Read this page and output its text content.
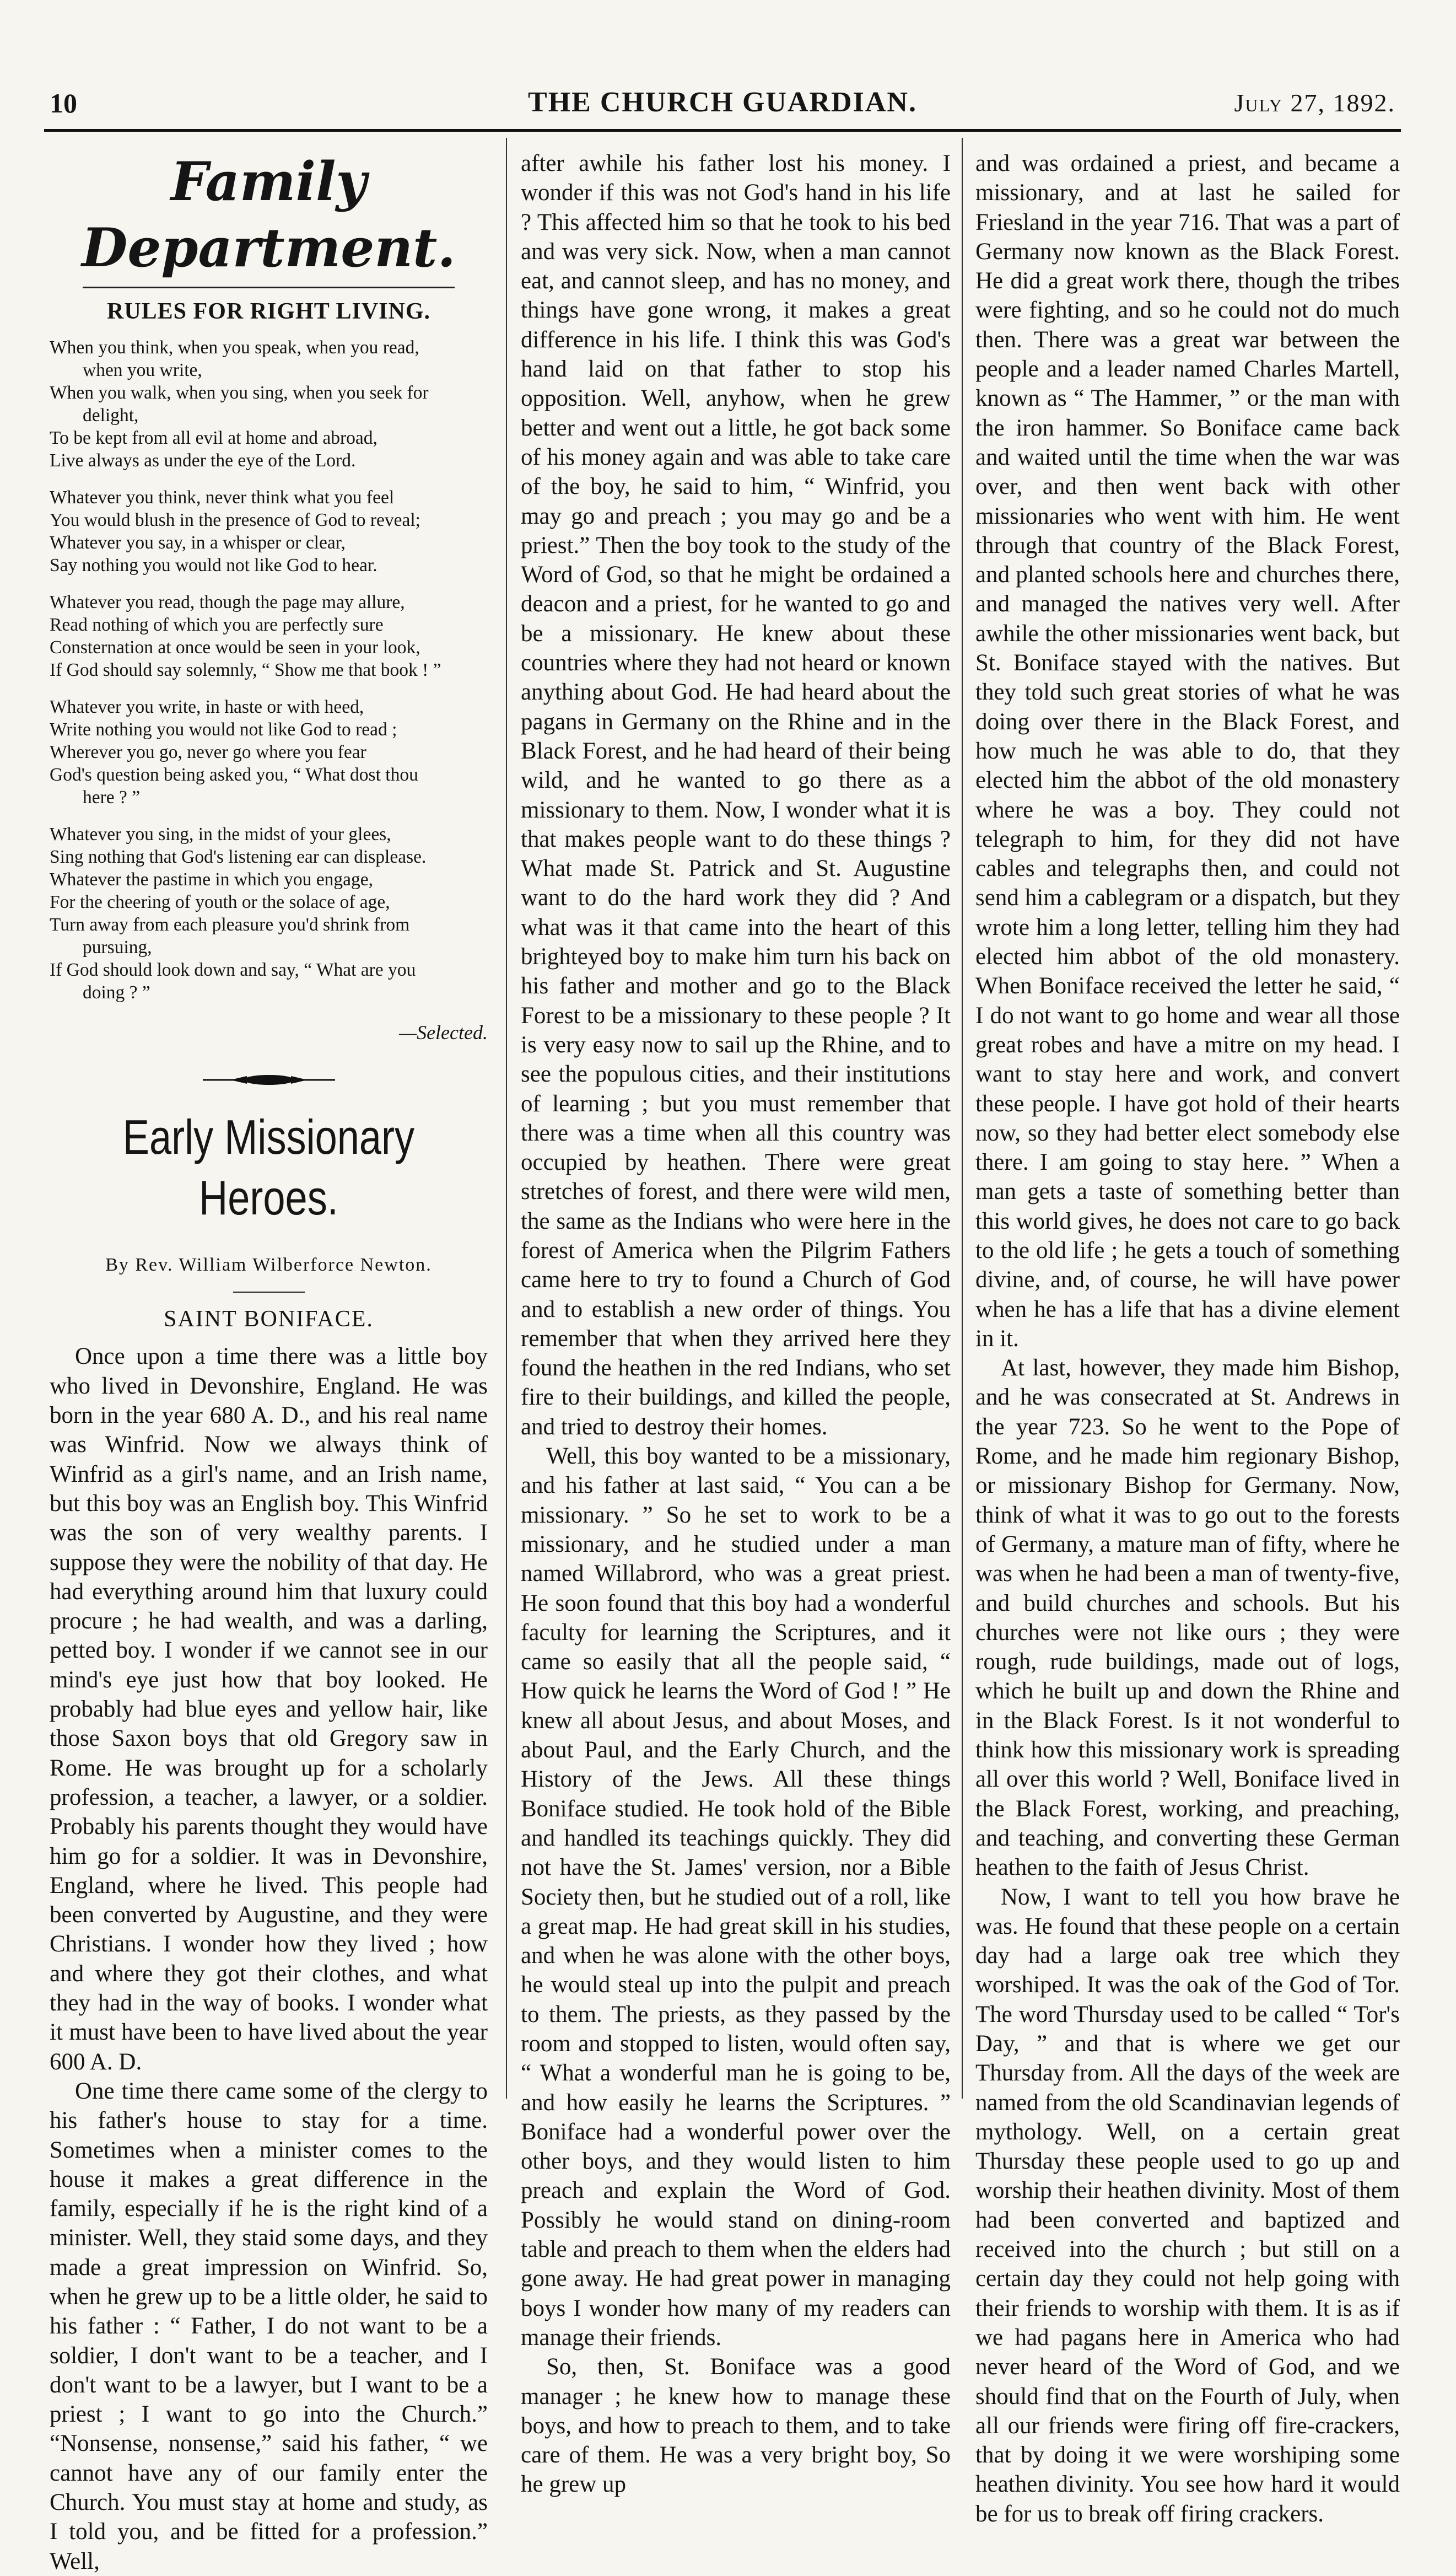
10	THE CHURCH GUARDIAN.	July 27, 1892.
Family Department.
RULES FOR RIGHT LIVING.
When you think, when you speak, when you read,
when you write,
When you walk, when you sing, when you seek for
delight,
To be kept from all evil at home and abroad,
Live always as under the eye of the Lord.
Whatever you think, never think what you feel
You would blush in the presence of God to reveal;
Whatever you say, in a whisper or clear,
Say nothing you would not like God to hear.
Whatever you read, though the page may allure,
Read nothing of which you are perfectly sure
Consternation at once would be seen in your look,
If God should say solemnly, “ Show me that book ! ”
Whatever you write, in haste or with heed,
Write nothing you would not like God to read ;
Wherever you go, never go where you fear
God's question being asked you, “ What dost thou
here ? ”
Whatever you sing, in the midst of your glees,
Sing nothing that God's listening ear can displease.
Whatever the pastime in which you engage,
For the cheering of youth or the solace of age,
Turn away from each pleasure you'd shrink from
pursuing,
If God should look down and say, “ What are you
doing ? ”
—Selected.
Early Missionary Heroes.
By Rev. William Wilberforce Newton.
SAINT BONIFACE.

Once upon a time there was a little boy who lived in Devonshire, England. He was born in the year 680 A. D., and his real name was Winfrid. Now we always think of Winfrid as a girl's name, and an Irish name, but this boy was an English boy. This Winfrid was the son of very wealthy parents. I suppose they were the nobility of that day. He had everything around him that luxury could procure ; he had wealth, and was a darling, petted boy. I wonder if we cannot see in our mind's eye just how that boy looked. He probably had blue eyes and yellow hair, like those Saxon boys that old Gregory saw in Rome. He was brought up for a scholarly profession, a teacher, a lawyer, or a soldier. Probably his parents thought they would have him go for a soldier. It was in Devonshire, England, where he lived. This people had been converted by Augustine, and they were Christians. I wonder how they lived ; how and where they got their clothes, and what they had in the way of books. I wonder what it must have been to have lived about the year 600 A. D.

One time there came some of the clergy to his father's house to stay for a time. Sometimes when a minister comes to the house it makes a great difference in the family, especially if he is the right kind of a minister. Well, they staid some days, and they made a great impression on Winfrid. So, when he grew up to be a little older, he said to his father : “ Father, I do not want to be a soldier, I don't want to be a teacher, and I don't want to be a lawyer, but I want to be a priest ; I want to go into the Church.” “Nonsense, nonsense,” said his father, “ we cannot have any of our family enter the Church. You must stay at home and study, as I told you, and be fitted for a profession.” Well,

after awhile his father lost his money. I wonder if this was not God's hand in his life ? This affected him so that he took to his bed and was very sick. Now, when a man cannot eat, and cannot sleep, and has no money, and things have gone wrong, it makes a great difference in his life. I think this was God's hand laid on that father to stop his opposition. Well, anyhow, when he grew better and went out a little, he got back some of his money again and was able to take care of the boy, he said to him, “ Winfrid, you may go and preach ; you may go and be a priest.” Then the boy took to the study of the Word of God, so that he might be ordained a deacon and a priest, for he wanted to go and be a missionary. He knew about these countries where they had not heard or known anything about God. He had heard about the pagans in Germany on the Rhine and in the Black Forest, and he had heard of their being wild, and he wanted to go there as a missionary to them. Now, I wonder what it is that makes people want to do these things ? What made St. Patrick and St. Augustine want to do the hard work they did ? And what was it that came into the heart of this brighteyed boy to make him turn his back on his father and mother and go to the Black Forest to be a missionary to these people ? It is very easy now to sail up the Rhine, and to see the populous cities, and their institutions of learning ; but you must remember that there was a time when all this country was occupied by heathen. There were great stretches of forest, and there were wild men, the same as the Indians who were here in the forest of America when the Pilgrim Fathers came here to try to found a Church of God and to establish a new order of things. You remember that when they arrived here they found the heathen in the red Indians, who set fire to their buildings, and killed the people, and tried to destroy their homes.

Well, this boy wanted to be a missionary, and his father at last said, “ You can a be missionary. ” So he set to work to be a missionary, and he studied under a man named Willabrord, who was a great priest. He soon found that this boy had a wonderful faculty for learning the Scriptures, and it came so easily that all the people said, “ How quick he learns the Word of God ! ” He knew all about Jesus, and about Moses, and about Paul, and the Early Church, and the History of the Jews. All these things Boniface studied. He took hold of the Bible and handled its teachings quickly. They did not have the St. James' version, nor a Bible Society then, but he studied out of a roll, like a great map. He had great skill in his studies, and when he was alone with the other boys, he would steal up into the pulpit and preach to them. The priests, as they passed by the room and stopped to listen, would often say, “ What a wonderful man he is going to be, and how easily he learns the Scriptures. ” Boniface had a wonderful power over the other boys, and they would listen to him preach and explain the Word of God. Possibly he would stand on dining-room table and preach to them when the elders had gone away. He had great power in managing boys I wonder how many of my readers can manage their friends.

So, then, St. Boniface was a good manager ; he knew how to manage these boys, and how to preach to them, and to take care of them. He was a very bright boy, So he grew up

and was ordained a priest, and became a missionary, and at last he sailed for Friesland in the year 716. That was a part of Germany now known as the Black Forest. He did a great work there, though the tribes were fighting, and so he could not do much then. There was a great war between the people and a leader named Charles Martell, known as “ The Hammer, ” or the man with the iron hammer. So Boniface came back and waited until the time when the war was over, and then went back with other missionaries who went with him. He went through that country of the Black Forest, and planted schools here and churches there, and managed the natives very well. After awhile the other missionaries went back, but St. Boniface stayed with the natives. But they told such great stories of what he was doing over there in the Black Forest, and how much he was able to do, that they elected him the abbot of the old monastery where he was a boy. They could not telegraph to him, for they did not have cables and telegraphs then, and could not send him a cablegram or a dispatch, but they wrote him a long letter, telling him they had elected him abbot of the old monastery. When Boniface received the letter he said, “ I do not want to go home and wear all those great robes and have a mitre on my head. I want to stay here and work, and convert these people. I have got hold of their hearts now, so they had better elect somebody else there. I am going to stay here. ” When a man gets a taste of something better than this world gives, he does not care to go back to the old life ; he gets a touch of something divine, and, of course, he will have power when he has a life that has a divine element in it.

At last, however, they made him Bishop, and he was consecrated at St. Andrews in the year 723. So he went to the Pope of Rome, and he made him regionary Bishop, or missionary Bishop for Germany. Now, think of what it was to go out to the forests of Germany, a mature man of fifty, where he was when he had been a man of twenty-five, and build churches and schools. But his churches were not like ours ; they were rough, rude buildings, made out of logs, which he built up and down the Rhine and in the Black Forest. Is it not wonderful to think how this missionary work is spreading all over this world ? Well, Boniface lived in the Black Forest, working, and preaching, and teaching, and converting these German heathen to the faith of Jesus Christ.

Now, I want to tell you how brave he was. He found that these people on a certain day had a large oak tree which they worshiped. It was the oak of the God of Tor. The word Thursday used to be called “ Tor's Day, ” and that is where we get our Thursday from. All the days of the week are named from the old Scandinavian legends of mythology. Well, on a certain great Thursday these people used to go up and worship their heathen divinity. Most of them had been converted and baptized and received into the church ; but still on a certain day they could not help going with their friends to worship with them. It is as if we had pagans here in America who had never heard of the Word of God, and we should find that on the Fourth of July, when all our friends were firing off fire-crackers, that by doing it we were worshiping some heathen divinity. You see how hard it would be for us to break off firing crackers.
